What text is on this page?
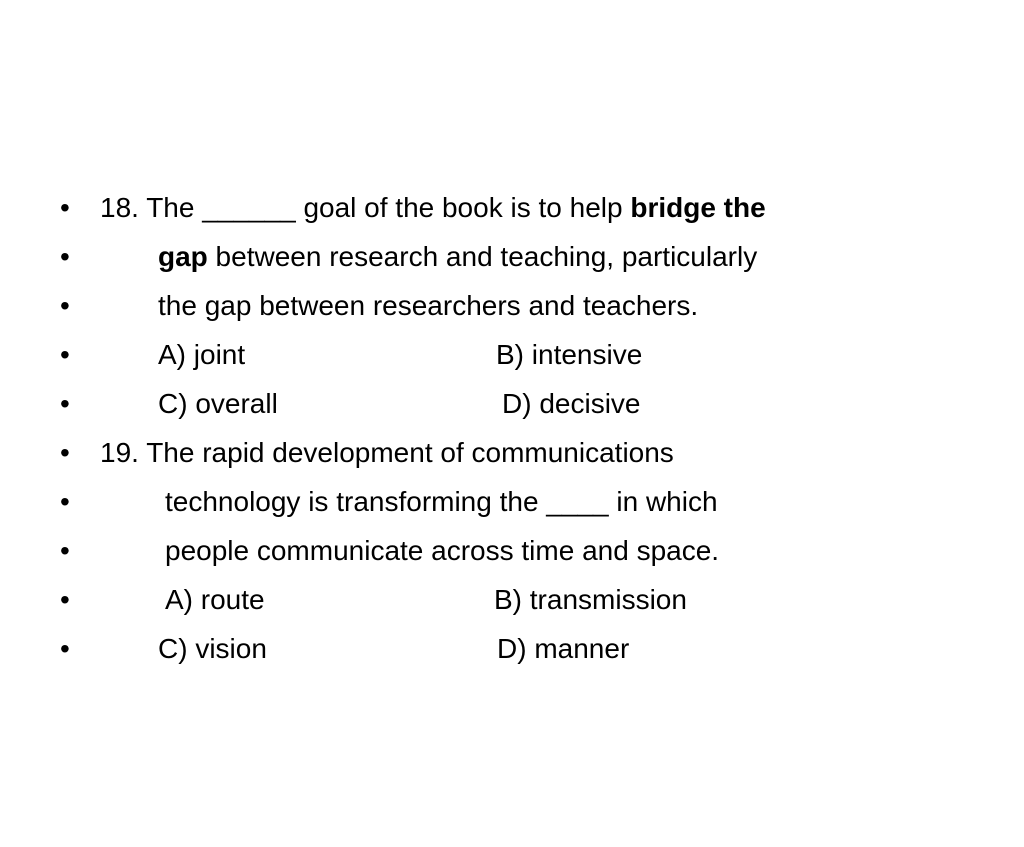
•

	18. The ______ goal of the book is to help bridge the

•

	gap between research and teaching, particularly

•

	the gap between researchers and teachers.

•

	A) joint

	B) intensive

•

	C) overall

	D) decisive

•

	19. The rapid development of communications

•

	technology is transforming the ____ in which

•

	people communicate across time and space.

•

	A) route

	B) transmission

•

	C) vision

	D) manner
